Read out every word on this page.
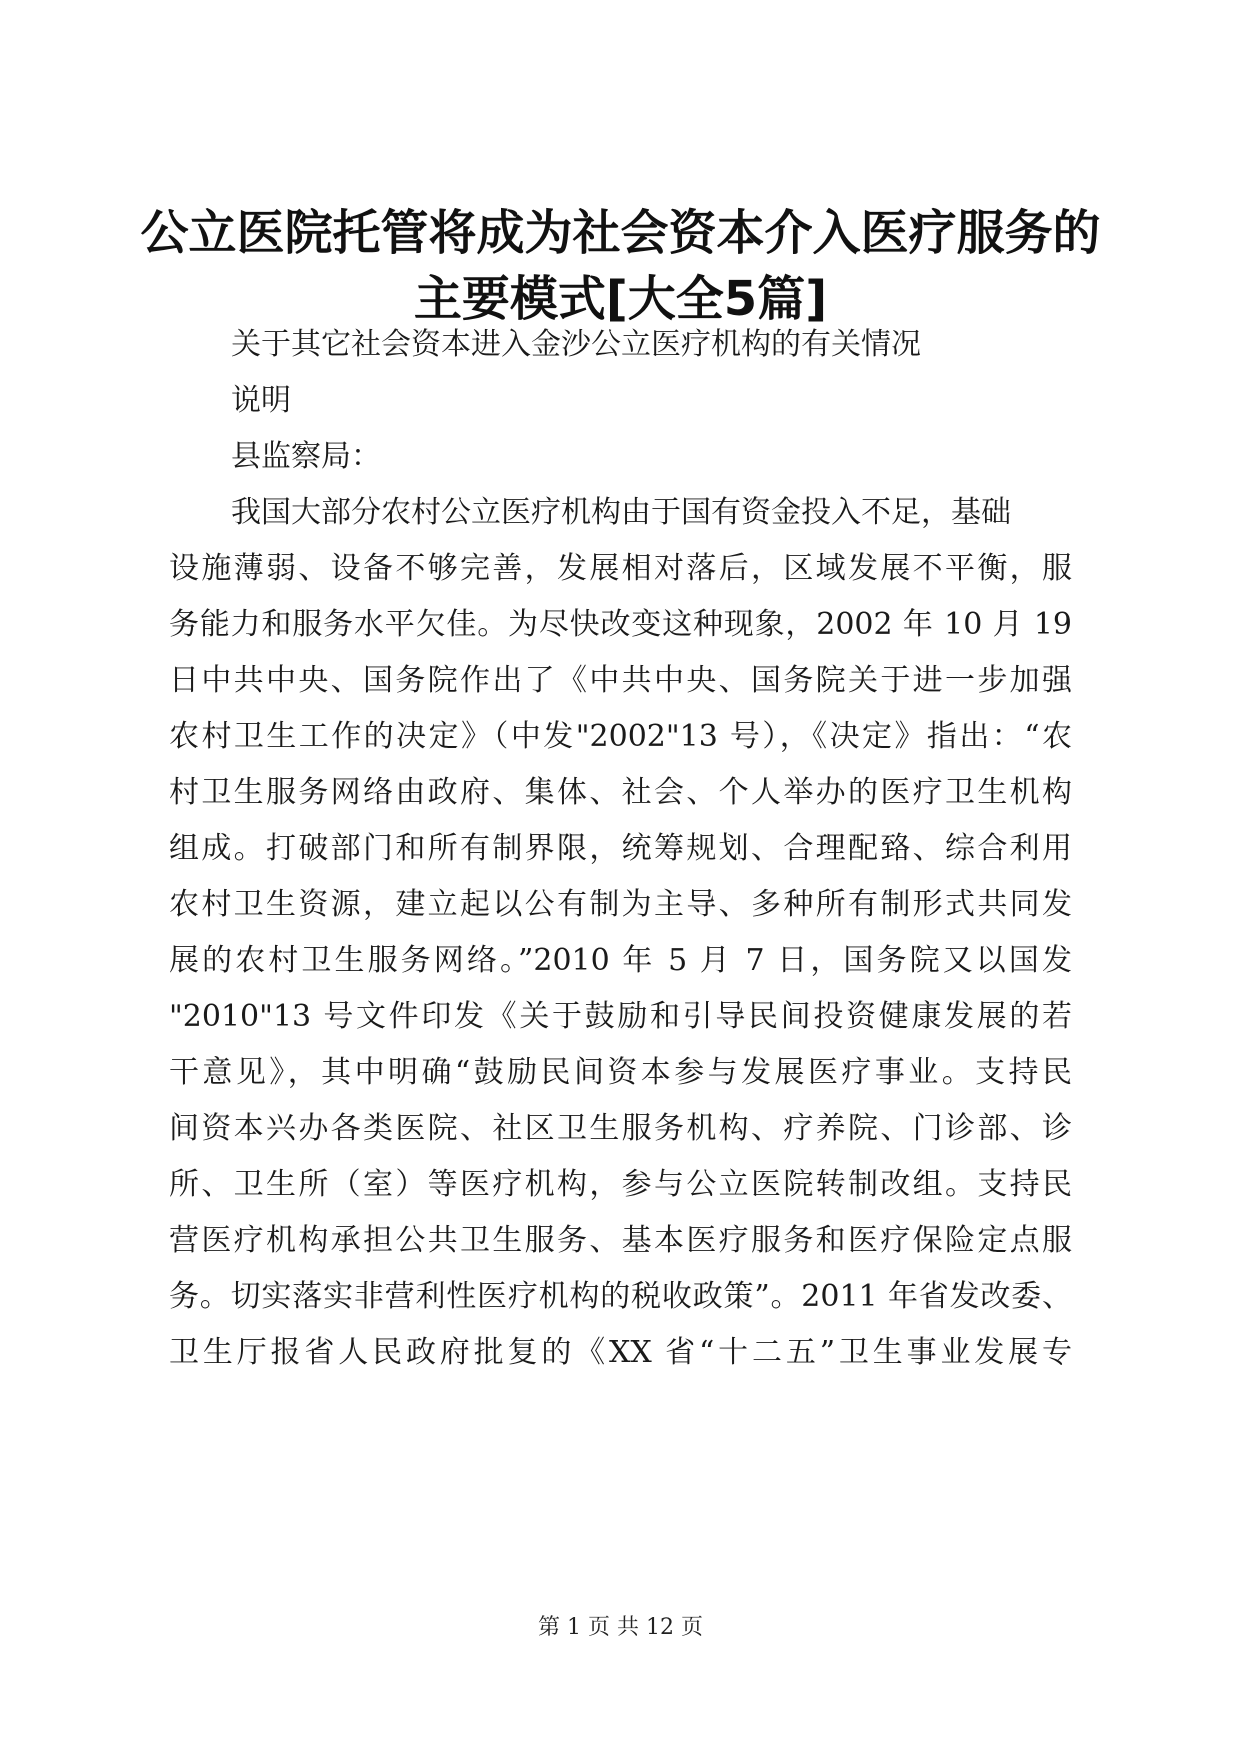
公立医院托管将成为社会资本介入医疗服务的
主要模式[大全5篇]

关于其它社会资本进入金沙公立医疗机构的有关情况

说明

县监察局：

我国大部分农村公立医疗机构由于国有资金投入不足，基础

设施薄弱、设备不够完善，发展相对落后，区域发展不平衡，服

务能力和服务水平欠佳。为尽快改变这种现象，2002 年 10 月 19

日中共中央、国务院作出了《中共中央、国务院关于进一步加强

农村卫生工作的决定》（中发"2002"13 号），《决定》指出：“农

村卫生服务网络由政府、集体、社会、个人举办的医疗卫生机构

组成。打破部门和所有制界限，统筹规划、合理配臵、综合利用

农村卫生资源，建立起以公有制为主导、多种所有制形式共同发

展的农村卫生服务网络。”2010 年 5 月 7 日，国务院又以国发

"2010"13 号文件印发《关于鼓励和引导民间投资健康发展的若

干意见》，其中明确“鼓励民间资本参与发展医疗事业。支持民

间资本兴办各类医院、社区卫生服务机构、疗养院、门诊部、诊

所、卫生所（室）等医疗机构，参与公立医院转制改组。支持民

营医疗机构承担公共卫生服务、基本医疗服务和医疗保险定点服

务。切实落实非营利性医疗机构的税收政策”。2011 年省发改委、

卫生厅报省人民政府批复的《XX 省“十二五”卫生事业发展专

第 1 页 共 12 页
